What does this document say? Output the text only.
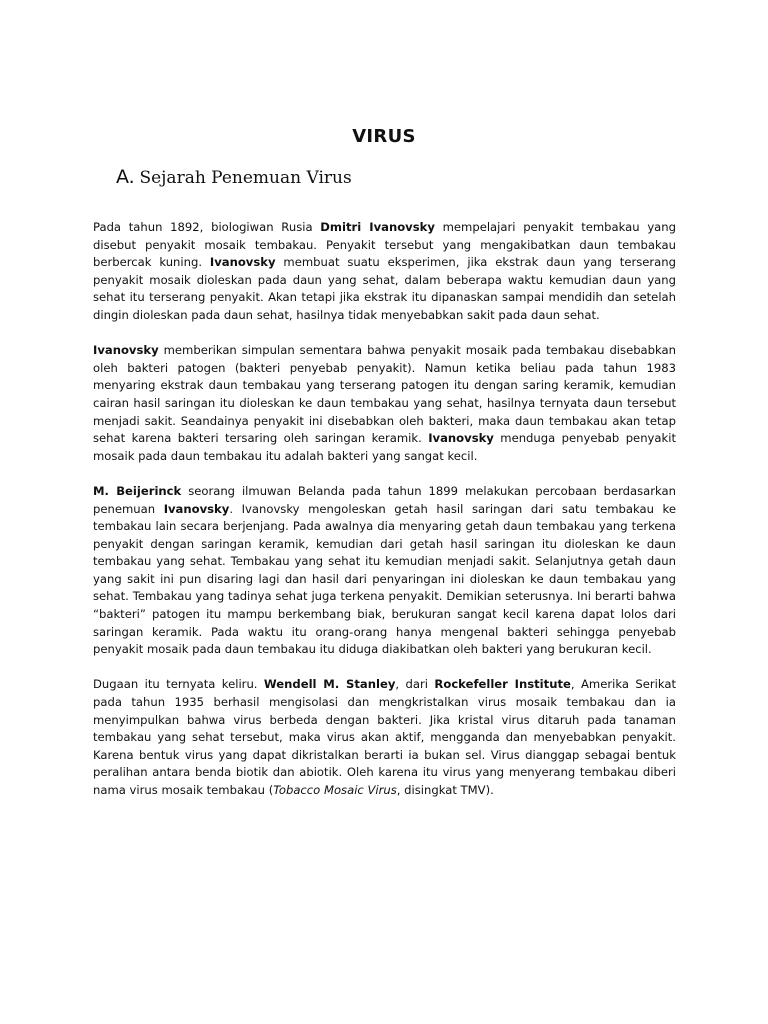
VIRUS
A. Sejarah Penemuan Virus

Pada tahun 1892, biologiwan Rusia Dmitri Ivanovsky mempelajari penyakit tembakau yang disebut penyakit mosaik tembakau. Penyakit tersebut yang mengakibatkan daun tembakau berbercak kuning. Ivanovsky membuat suatu eksperimen, jika ekstrak daun yang terserang penyakit mosaik dioleskan pada daun yang sehat, dalam beberapa waktu kemudian daun yang sehat itu terserang penyakit. Akan tetapi jika ekstrak itu dipanaskan sampai mendidih dan setelah dingin dioleskan pada daun sehat, hasilnya tidak menyebabkan sakit pada daun sehat.

Ivanovsky memberikan simpulan sementara bahwa penyakit mosaik pada tembakau disebabkan oleh bakteri patogen (bakteri penyebab penyakit). Namun ketika beliau pada tahun 1983 menyaring ekstrak daun tembakau yang terserang patogen itu dengan saring keramik, kemudian cairan hasil saringan itu dioleskan ke daun tembakau yang sehat, hasilnya ternyata daun tersebut menjadi sakit. Seandainya penyakit ini disebabkan oleh bakteri, maka daun tembakau akan tetap sehat karena bakteri tersaring oleh saringan keramik. Ivanovsky menduga penyebab penyakit mosaik pada daun tembakau itu adalah bakteri yang sangat kecil.

M. Beijerinck seorang ilmuwan Belanda pada tahun 1899 melakukan percobaan berdasarkan penemuan Ivanovsky. Ivanovsky mengoleskan getah hasil saringan dari satu tembakau ke tembakau lain secara berjenjang. Pada awalnya dia menyaring getah daun tembakau yang terkena penyakit dengan saringan keramik, kemudian dari getah hasil saringan itu dioleskan ke daun tembakau yang sehat. Tembakau yang sehat itu kemudian menjadi sakit. Selanjutnya getah daun yang sakit ini pun disaring lagi dan hasil dari penyaringan ini dioleskan ke daun tembakau yang sehat. Tembakau yang tadinya sehat juga terkena penyakit. Demikian seterusnya. Ini berarti bahwa “bakteri” patogen itu mampu berkembang biak, berukuran sangat kecil karena dapat lolos dari saringan keramik. Pada waktu itu orang-orang hanya mengenal bakteri sehingga penyebab penyakit mosaik pada daun tembakau itu diduga diakibatkan oleh bakteri yang berukuran kecil.

Dugaan itu ternyata keliru. Wendell M. Stanley, dari Rockefeller Institute, Amerika Serikat pada tahun 1935 berhasil mengisolasi dan mengkristalkan virus mosaik tembakau dan ia menyimpulkan bahwa virus berbeda dengan bakteri. Jika kristal virus ditaruh pada tanaman tembakau yang sehat tersebut, maka virus akan aktif, mengganda dan menyebabkan penyakit. Karena bentuk virus yang dapat dikristalkan berarti ia bukan sel. Virus dianggap sebagai bentuk peralihan antara benda biotik dan abiotik. Oleh karena itu virus yang menyerang tembakau diberi nama virus mosaik tembakau (Tobacco Mosaic Virus, disingkat TMV).
